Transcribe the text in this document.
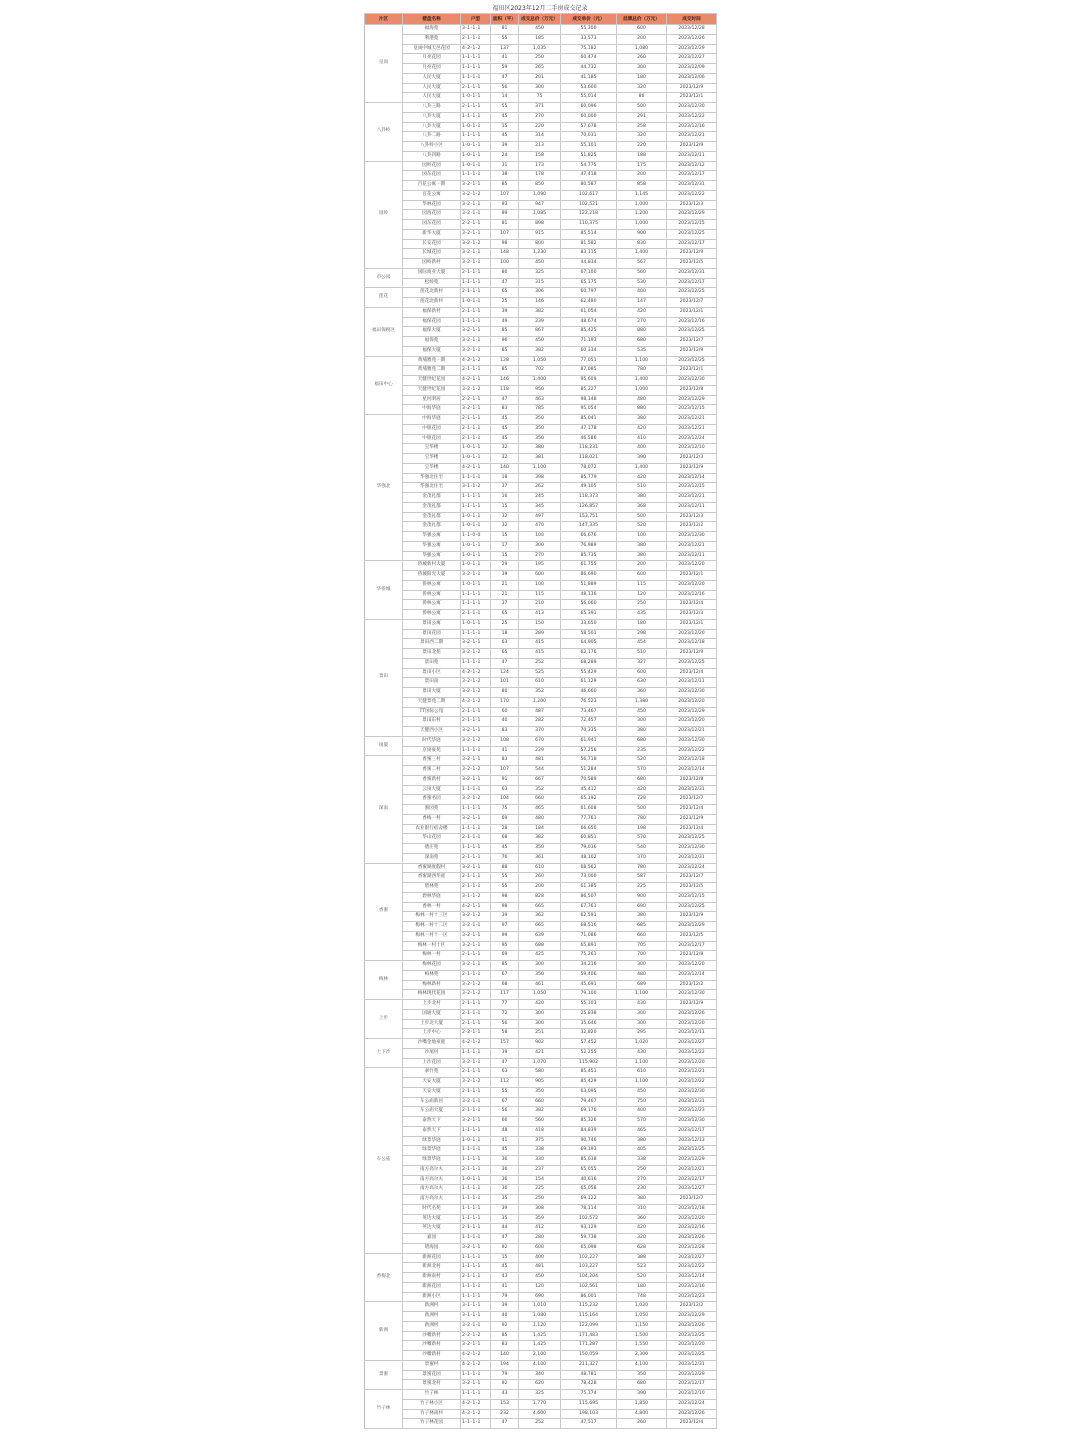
福田区2023年12月二手房成交记录
片区	楼盘名称	户型	面积（平）	成交总价（万元）	成交单价（元）	挂牌总价（万元）	成交时间
皇岗	福海苑	3-1-1-1	81	450	55,300	600	2023/12/28
	利港苑	2-1-1-1	55	185	33,573	200	2023/12/26
	皇岗中城天邑花园	4-2-1-2	137	1,035	75,182	1,080	2023/12/29
	月亮花园	1-1-1-1	41	250	60,474	260	2023/12/27
	月亮花园	1-1-1-1	59	265	44,732	300	2023/12/09
	人民大厦	1-1-1-1	47	201	41,185	180	2023/12/06
	人民大厦	2-1-1-1	56	300	53,600	320	2023/12/9
	人民大厦	1-0-1-1	14	75	55,014	86	2023/12/1
八卦岭	八卦三路	2-1-1-1	55	371	60,096	500	2023/12/30
	八卦大厦	1-1-1-1	45	270	60,000	291	2023/12/22
	八卦大厦	1-0-1-1	15	220	57,678	258	2023/12/16
	八卦二路	1-1-1-1	45	314	70,031	320	2023/12/21
	八卦岭小区	1-0-1-1	39	213	55,101	220	2023/12/9
	八卦四路	1-0-1-1	24	158	51,825	188	2023/12/11
园岭	园岭花园	1-0-1-1	31	173	54,775	175	2023/12/12
	园东花园	1-1-1-1	38	178	47,418	200	2023/12/17
	百花公寓一期	3-2-1-1	85	850	80,587	858	2023/12/31
	百花公寓	3-2-1-2	107	1,090	102,617	1,145	2023/12/22
	华林花园	3-2-1-1	93	947	102,521	1,000	2023/12/3
	园西花园	3-2-1-1	89	1,085	122,218	1,200	2023/12/29
	园东花园	2-2-1-1	81	898	110,375	1,000	2023/12/15
	新华大厦	3-2-1-1	107	915	85,514	900	2023/12/25
	长安花园	3-2-1-2	98	800	81,582	830	2023/12/17
	长城花园	3-2-1-1	148	1,230	83,115	1,400	2023/12/9
	园岭新村	3-2-1-1	100	450	44,834	567	2023/12/5
市公园	国际商业大厦	2-1-1-1	80	325	67,100	560	2023/12/31
	松岭苑	1-1-1-1	47	315	65,175	530	2023/12/17
莲花	莲花北新村	2-1-1-1	65	306	60,797	400	2023/12/25
	莲花北新村	1-0-1-1	25	146	62,480	147	2023/12/7
福田保税区	福保新村	2-1-1-1	39	382	61,054	420	2023/12/1
	福保花园	1-1-1-1	49	239	48,674	270	2023/12/16
	福保大厦	3-2-1-1	85	867	85,425	880	2023/12/25
	福保苑	3-2-1-1	96	450	71,193	680	2023/12/7
	福保大厦	3-2-1-1	85	382	60,334	535	2023/12/9
福田中心	黄埔雅苑一期	4-2-1-2	128	1,050	77,051	1,100	2023/12/25
	黄埔雅苑二期	2-1-1-1	85	702	87,085	780	2023/12/1
	天健世纪花园	4-2-1-1	146	1,400	95,609	1,400	2023/12/30
	天健世纪花园	3-2-1-2	118	950	85,227	1,000	2023/12/8
	星河明居	2-2-1-1	47	463	98,148	480	2023/12/29
	中海华庭	3-2-1-1	83	785	95,054	880	2023/12/15
华强北	中海华庭	2-1-1-1	45	350	85,041	380	2023/12/21
	中银花园	2-1-1-1	45	350	47,178	420	2023/12/21
	中银花园	2-1-1-1	45	350	46,586	410	2023/12/24
	宝华楼	1-0-1-1	32	380	118,231	400	2023/12/10
	宝华楼	1-0-1-1	32	381	118,021	390	2023/12/3
	宝华楼	4-2-1-1	140	1,100	78,072	1,400	2023/12/9
	华强北住宅	1-1-1-1	18	398	85,779	420	2023/12/14
	华强北住宅	3-1-1-2	37	262	49,105	510	2023/12/15
	金茂礼都	1-1-1-1	16	245	118,373	380	2023/12/21
	金茂礼都	1-1-1-1	15	345	126,857	368	2023/12/11
	金茂礼都	1-0-1-1	32	497	153,751	500	2023/12/3
	金茂礼都	1-0-1-1	32	470	147,335	520	2023/12/2
	华强公寓	1-1-0-0	15	100	66,676	100	2023/12/30
	华强公寓	1-0-1-1	17	300	76,989	380	2023/12/21
	华强公寓	1-0-1-1	15	270	85,735	380	2023/12/11
华侨城	侨城新村大厦	1-0-1-1	29	195	61,755	200	2023/12/20
	侨城阳光大厦	3-2-1-1	39	600	86,690	600	2023/12/1
	侨林公寓	1-0-1-1	21	100	51,889	115	2023/12/20
	侨林公寓	1-1-1-1	21	115	48,136	120	2023/12/16
	侨林公寓	1-1-1-1	37	210	56,060	250	2023/12/4
	侨林公寓	2-1-1-1	65	413	65,391	435	2023/12/3
景田	景田公寓	1-0-1-1	25	150	33,650	180	2023/12/1
	景田花园	1-1-1-1	18	289	58,501	298	2023/12/20
	景田西二期	3-2-1-1	63	415	64,905	454	2023/12/18
	景田北苑	3-2-1-2	65	415	62,176	510	2023/12/9
	景田苑	1-1-1-1	47	252	68,289	327	2023/12/25
	景田小区	4-2-1-2	124	525	55,429	600	2023/12/4
	景田南	3-2-1-2	101	610	61,129	630	2023/12/11
	景田大厦	3-2-1-2	80	352	46,660	360	2023/12/30
	天健景苑二期	4-2-1-2	170	1,200	76,523	1,380	2023/12/20
	TT国际公馆	2-1-1-1	60	487	73,467	450	2023/12/29
	景田东村	2-1-1-1	40	282	72,457	300	2023/12/20
	天健西小区	3-2-1-1	83	370	70,335	380	2023/12/21
岗厦	时代华庭	3-2-1-2	108	670	61,941	680	2023/12/30
	京岗豪苑	1-1-1-1	41	229	57,256	235	2023/12/22
深南	香蜜三村	3-2-1-1	83	481	56,718	520	2023/12/18
	香蜜二村	3-2-1-2	107	544	51,284	570	2023/12/14
	香蜜新村	3-2-1-1	91	667	70,589	680	2023/12/8
	云顶大厦	1-1-1-1	63	352	45,412	420	2023/12/31
	香蜜名园	3-2-1-2	104	660	65,192	728	2023/12/7
	蜜园苑	1-1-1-1	75	465	61,608	500	2023/12/4
	香梅一村	3-2-1-1	69	480	77,761	780	2023/12/9
	农业银行宿舍楼	1-1-1-1	28	184	66,650	198	2023/12/4
	华山花园	2-1-1-1	68	382	60,851	570	2023/12/25
	德庄苑	1-1-1-1	45	350	79,036	540	2023/12/30
	深南苑	2-1-1-1	76	361	48,102	370	2023/12/31
香蜜	香蜜湖度假村	3-2-1-1	88	610	68,562	780	2023/12/24
	香蜜湖西华庭	2-1-1-1	55	260	73,000	587	2023/12/7
	碧林苑	2-1-1-1	55	200	61,385	225	2023/12/5
	碧林华庭	3-1-1-2	98	828	86,507	900	2023/12/15
	香林一村	4-2-1-1	98	665	67,761	690	2023/12/25
	梅林一村十三区	3-2-1-2	39	362	62,591	380	2023/12/9
	梅林一村十二区	3-2-1-1	97	665	68,516	685	2023/12/29
	梅林一村十一区	3-2-1-1	99	639	71,086	660	2023/12/5
	梅林一村十区	3-2-1-1	95	688	65,891	705	2023/12/17
	梅林一村	2-1-1-1	69	425	75,261	700	2023/12/8
梅林	梅林花园	3-2-1-1	85	300	34,216	300	2023/12/20
	梅林苑	2-1-1-1	67	350	59,406	480	2023/12/14
	梅林新村	3-2-1-2	68	461	45,691	689	2023/12/2
	梅林现代花园	3-2-1-2	117	1,050	79,100	1,100	2023/12/30
上步	上步北村	2-1-1-1	77	420	55,103	430	2023/12/9
	国通大厦	2-1-1-1	72	300	25,838	300	2023/12/26
	上步北大厦	2-1-1-1	56	300	35,646	300	2023/12/20
	上步中心	2-2-1-1	58	251	32,820	295	2023/12/11
上下沙	沙嘴金地豪庭	4-2-1-2	157	902	57,452	1,020	2023/12/27
	沙尾村	1-1-1-1	39	421	52,255	430	2023/12/22
	上沙花园	3-2-1-1	47	1,070	115,902	1,100	2023/12/20
车公庙	翠竹苑	2-1-1-1	63	580	85,451	610	2023/12/21
	天安大厦	3-2-1-2	112	905	85,429	1,100	2023/12/22
	天安大厦	2-1-1-1	55	350	63,095	450	2023/12/30
	车公庙新居	3-2-1-1	67	660	79,467	750	2023/12/31
	车公庙大厦	2-1-1-1	56	382	69,176	400	2023/12/23
	泰然天下	3-2-1-1	66	560	85,326	570	2023/12/30
	泰然天下	1-1-1-1	48	418	84,839	465	2023/12/17
	绿景华庭	1-0-1-1	41	375	90,746	380	2023/12/13
	绿景华庭	1-1-1-1	45	338	69,193	405	2023/12/25
	绿景华庭	1-1-1-1	36	330	85,038	338	2023/12/29
	南方高尔夫	2-1-1-1	36	237	65,055	250	2023/12/21
	南方高尔夫	1-0-1-1	36	154	40,616	270	2023/12/17
	南方高尔夫	1-1-1-1	36	225	65,058	230	2023/12/27
	南方高尔夫	1-1-1-1	35	250	69,122	380	2023/12/7
	时代名苑	1-1-1-1	39	308	78,114	310	2023/12/18
	英达大厦	1-1-1-1	35	359	102,572	360	2023/12/20
	英达大厦	2-1-1-1	44	412	93,129	420	2023/12/16
	嘉园	1-1-1-1	47	280	59,738	320	2023/12/26
	碧海园	3-2-1-1	92	600	65,098	628	2023/12/28
香梅北	新洲花园	1-1-1-1	15	400	102,227	388	2023/12/27
	新洲北村	1-1-1-1	45	481	103,227	523	2023/12/22
	新洲南村	2-1-1-1	43	450	104,204	520	2023/12/14
	新洲花园	1-1-1-1	41	120	102,561	180	2023/12/16
	新洲小区	1-1-1-1	79	690	86,001	748	2023/12/23
新洲	新洲村	3-1-1-1	39	1,010	115,232	1,020	2023/12/2
	新洲村	3-1-1-1	40	1,080	115,164	1,050	2023/12/29
	新洲村	3-2-1-1	92	1,120	122,099	1,150	2023/12/26
	沙嘴新村	2-2-1-2	85	1,425	171,483	1,500	2023/12/25
	沙嘴新村	3-2-1-1	83	1,425	171,287	1,550	2023/12/20
	沙嘴新村	4-2-1-2	140	2,100	150,059	2,300	2023/12/25
景蜜	景蜜村	4-2-1-2	194	4,100	211,327	4,100	2023/12/31
	景蜜花园	1-1-1-1	79	340	48,781	350	2023/12/29
	景蜜北村	3-2-1-1	92	620	78,428	680	2023/12/17
竹子林	竹子林	1-1-1-1	43	325	75,174	390	2023/12/10
	竹子林小区	4-2-1-2	153	1,770	115,695	1,850	2023/12/24
	竹子林南村	4-2-1-2	232	4,600	198,103	4,800	2023/12/26
	竹子林花园	1-1-1-1	47	252	47,517	260	2023/12/4
